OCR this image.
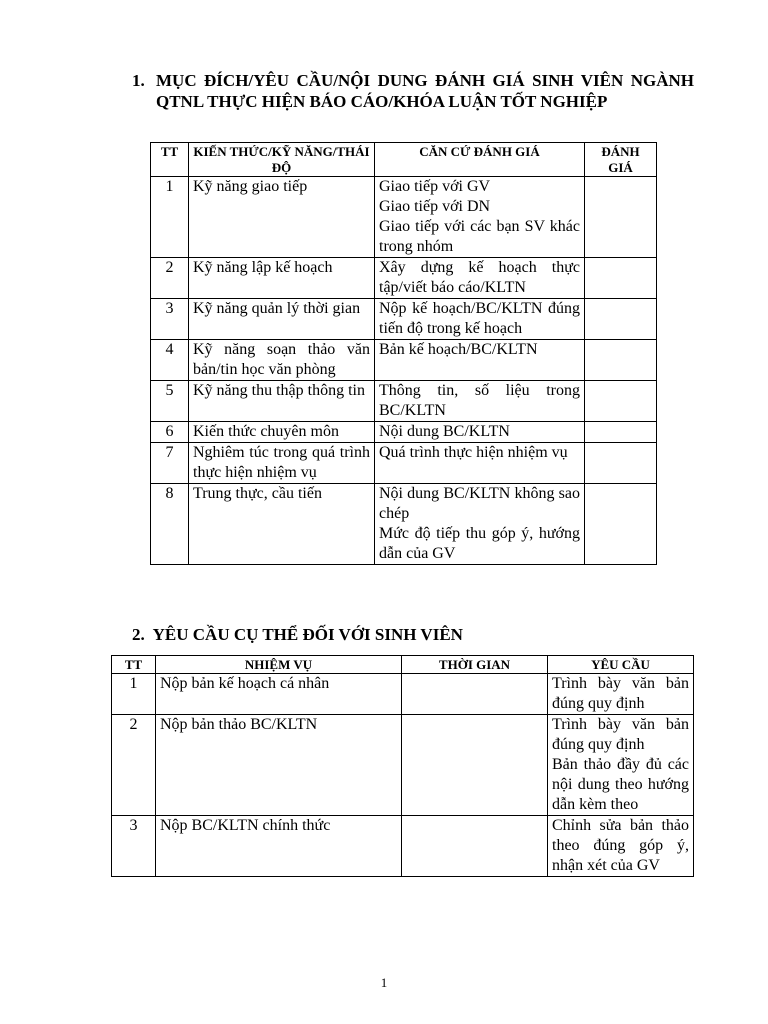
1. MỤC ĐÍCH/YÊU CẦU/NỘI DUNG ĐÁNH GIÁ SINH VIÊN NGÀNH QTNL THỰC HIỆN BÁO CÁO/KHÓA LUẬN TỐT NGHIỆP
TT	KIẾN THỨC/KỸ NĂNG/THÁI ĐỘ	CĂN CỨ ĐÁNH GIÁ	ĐÁNH GIÁ
1	Kỹ năng giao tiếp	Giao tiếp với GV
Giao tiếp với DN
Giao tiếp với các bạn SV khác trong nhóm	

2	Kỹ năng lập kế hoạch	Xây dựng kế hoạch thực tập/viết báo cáo/KLTN	

3	Kỹ năng quản lý thời gian	Nộp kế hoạch/BC/KLTN đúng tiến độ trong kế hoạch	

4	Kỹ năng soạn thảo văn bản/tin học văn phòng	Bản kế hoạch/BC/KLTN	

5	Kỹ năng thu thập thông tin	Thông tin, số liệu trong BC/KLTN	

6	Kiến thức chuyên môn	Nội dung BC/KLTN	

7	Nghiêm túc trong quá trình thực hiện nhiệm vụ	Quá trình thực hiện nhiệm vụ	

8	Trung thực, cầu tiến	Nội dung BC/KLTN không sao chép
Mức độ tiếp thu góp ý, hướng dẫn của GV	

2. YÊU CẦU CỤ THỂ ĐỐI VỚI SINH VIÊN
TT	NHIỆM VỤ	THỜI GIAN	YÊU CẦU
1	Nộp bản kế hoạch cá nhân		Trình bày văn bản đúng quy định

2	Nộp bản thảo BC/KLTN		Trình bày văn bản đúng quy định
Bản thảo đầy đủ các nội dung theo hướng dẫn kèm theo

3	Nộp BC/KLTN chính thức		Chỉnh sửa bản thảo theo đúng góp ý, nhận xét của GV
1
